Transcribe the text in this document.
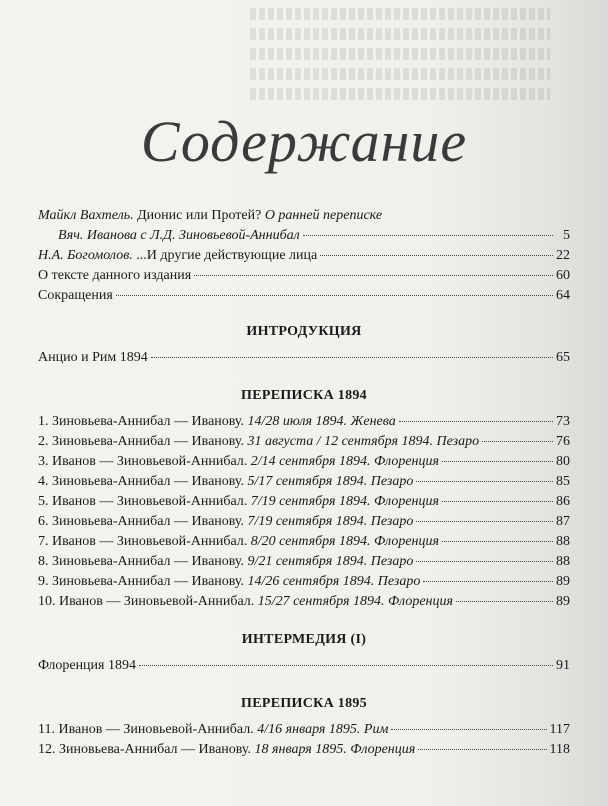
Содержание
Майкл Вахтель. Дионис или Протей? О ранней переписке
Вяч. Иванова с Л.Д. Зиновьевой-Аннибал	5
Н.А. Богомолов. ...И другие действующие лица	22
О тексте данного издания	60
Сокращения	64
ИНТРОДУКЦИЯ
Анцио и Рим 1894	65
ПЕРЕПИСКА 1894
1. Зиновьева-Аннибал — Иванову. 14/28 июля 1894. Женева	73
2. Зиновьева-Аннибал — Иванову. 31 августа / 12 сентября 1894. Пезаро	76
3. Иванов — Зиновьевой-Аннибал. 2/14 сентября 1894. Флоренция	80
4. Зиновьева-Аннибал — Иванову. 5/17 сентября 1894. Пезаро	85
5. Иванов — Зиновьевой-Аннибал. 7/19 сентября 1894. Флоренция	86
6. Зиновьева-Аннибал — Иванову. 7/19 сентября 1894. Пезаро	87
7. Иванов — Зиновьевой-Аннибал. 8/20 сентября 1894. Флоренция	88
8. Зиновьева-Аннибал — Иванову. 9/21 сентября 1894. Пезаро	88
9. Зиновьева-Аннибал — Иванову. 14/26 сентября 1894. Пезаро	89
10. Иванов — Зиновьевой-Аннибал. 15/27 сентября 1894. Флоренция	89
ИНТЕРМЕДИЯ (I)
Флоренция 1894	91
ПЕРЕПИСКА 1895
11. Иванов — Зиновьевой-Аннибал. 4/16 января 1895. Рим	117
12. Зиновьева-Аннибал — Иванову. 18 января 1895. Флоренция	118
